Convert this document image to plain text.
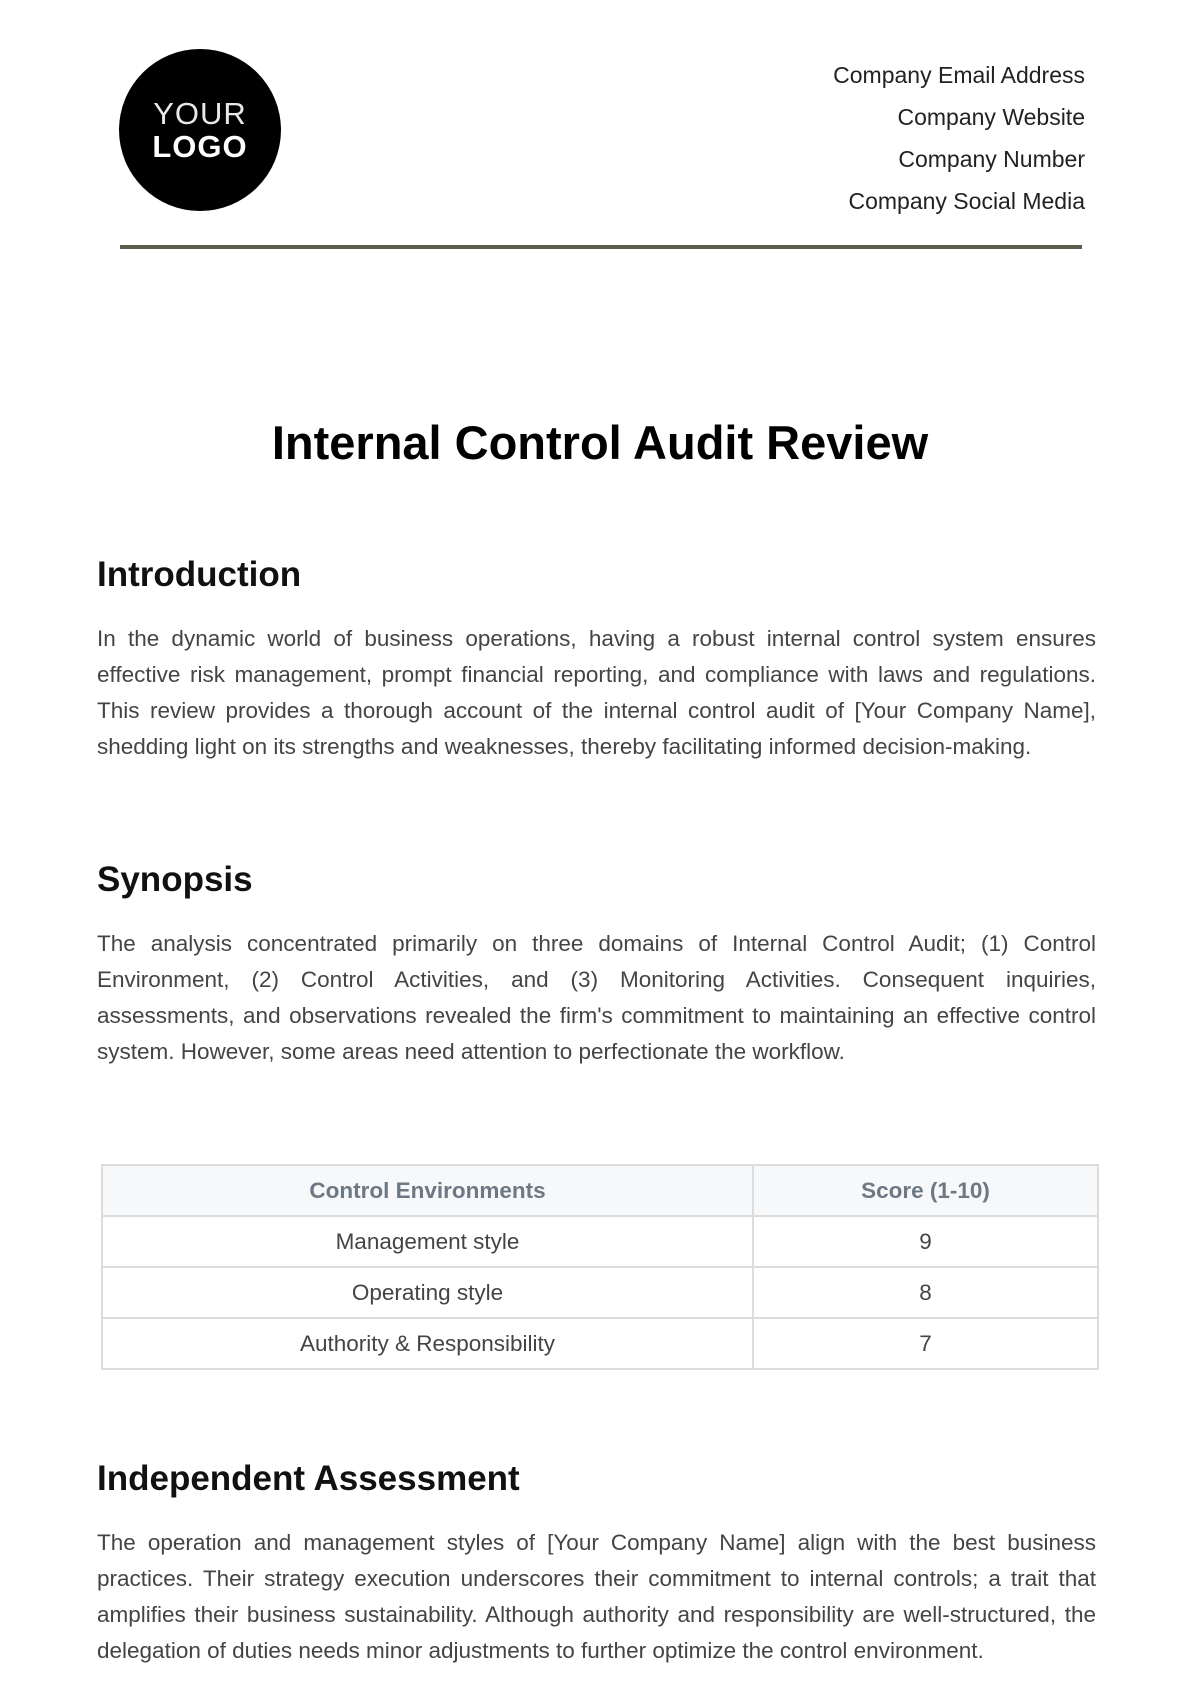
YOUR
LOGO
Company Email Address
Company Website
Company Number
Company Social Media
Internal Control Audit Review
Introduction

In the dynamic world of business operations, having a robust internal control system ensures effective risk management, prompt financial reporting, and compliance with laws and regulations. This review provides a thorough account of the internal control audit of [Your Company Name], shedding light on its strengths and weaknesses, thereby facilitating informed decision-making.

Synopsis

The analysis concentrated primarily on three domains of Internal Control Audit; (1) Control Environment, (2) Control Activities, and (3) Monitoring Activities. Consequent inquiries, assessments, and observations revealed the firm's commitment to maintaining an effective control system. However, some areas need attention to perfectionate the workflow.

Control Environments	Score (1-10)
Management style	9
Operating style	8
Authority & Responsibility	7
Independent Assessment

The operation and management styles of [Your Company Name] align with the best business practices. Their strategy execution underscores their commitment to internal controls; a trait that amplifies their business sustainability. Although authority and responsibility are well-structured, the delegation of duties needs minor adjustments to further optimize the control environment.
